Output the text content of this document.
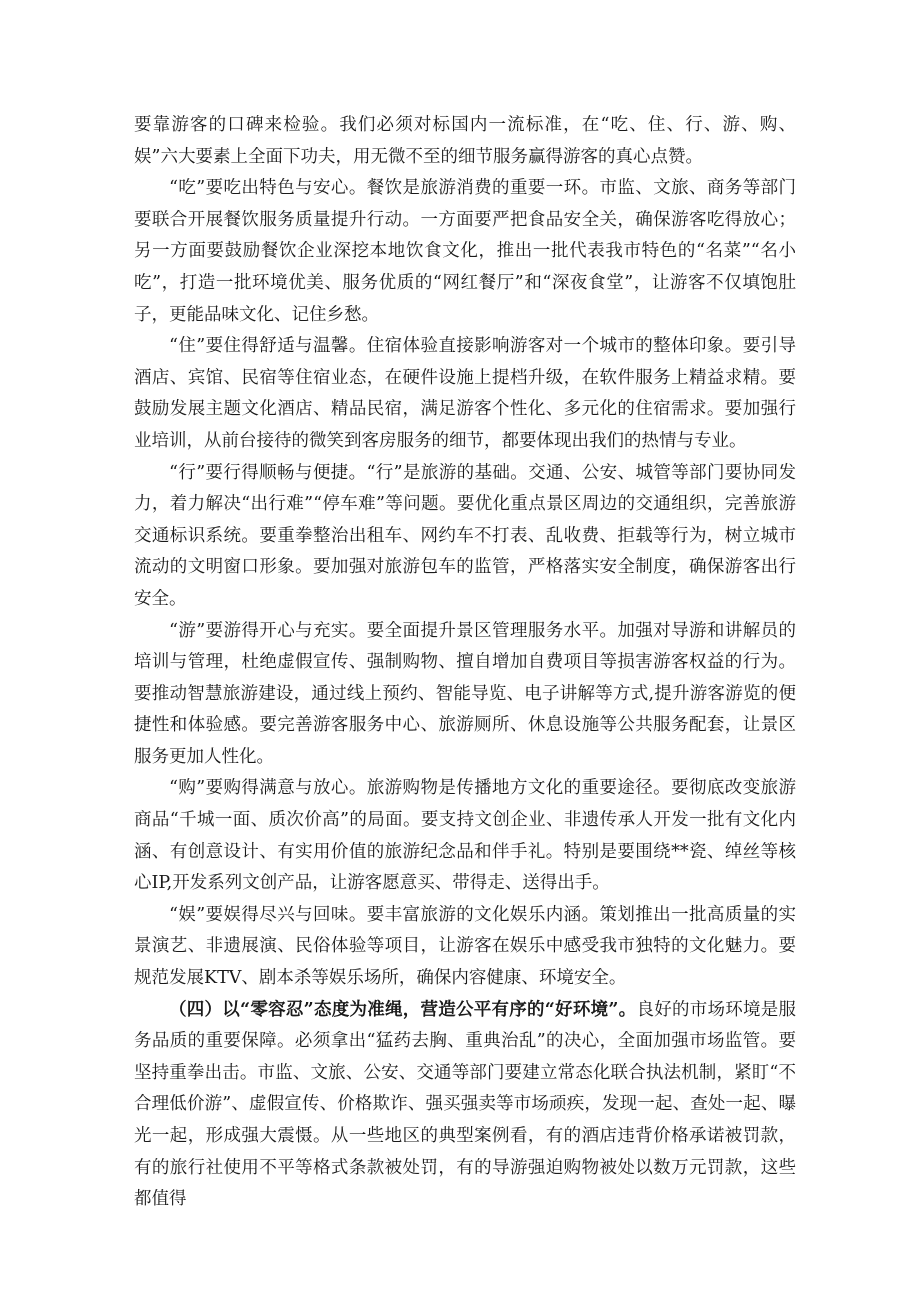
要靠游客的口碑来检验。我们必须对标国内一流标准，在“吃、住、行、游、购、娱”六大要素上全面下功夫，用无微不至的细节服务赢得游客的真心点赞。

“吃”要吃出特色与安心。餐饮是旅游消费的重要一环。市监、文旅、商务等部门要联合开展餐饮服务质量提升行动。一方面要严把食品安全关，确保游客吃得放心；另一方面要鼓励餐饮企业深挖本地饮食文化，推出一批代表我市特色的“名菜”“名小吃”，打造一批环境优美、服务优质的“网红餐厅”和“深夜食堂”，让游客不仅填饱肚子，更能品味文化、记住乡愁。

“住”要住得舒适与温馨。住宿体验直接影响游客对一个城市的整体印象。要引导酒店、宾馆、民宿等住宿业态，在硬件设施上提档升级，在软件服务上精益求精。要鼓励发展主题文化酒店、精品民宿，满足游客个性化、多元化的住宿需求。要加强行业培训，从前台接待的微笑到客房服务的细节，都要体现出我们的热情与专业。

“行”要行得顺畅与便捷。“行”是旅游的基础。交通、公安、城管等部门要协同发力，着力解决“出行难”“停车难”等问题。要优化重点景区周边的交通组织，完善旅游交通标识系统。要重拳整治出租车、网约车不打表、乱收费、拒载等行为，树立城市流动的文明窗口形象。要加强对旅游包车的监管，严格落实安全制度，确保游客出行安全。

“游”要游得开心与充实。要全面提升景区管理服务水平。加强对导游和讲解员的培训与管理，杜绝虚假宣传、强制购物、擅自增加自费项目等损害游客权益的行为。要推动智慧旅游建设，通过线上预约、智能导览、电子讲解等方式,提升游客游览的便捷性和体验感。要完善游客服务中心、旅游厕所、休息设施等公共服务配套，让景区服务更加人性化。

“购”要购得满意与放心。旅游购物是传播地方文化的重要途径。要彻底改变旅游商品“千城一面、质次价高”的局面。要支持文创企业、非遗传承人开发一批有文化内涵、有创意设计、有实用价值的旅游纪念品和伴手礼。特别是要围绕**瓷、绰丝等核心IP,开发系列文创产品，让游客愿意买、带得走、送得出手。

“娱”要娱得尽兴与回味。要丰富旅游的文化娱乐内涵。策划推出一批高质量的实景演艺、非遗展演、民俗体验等项目，让游客在娱乐中感受我市独特的文化魅力。要规范发展KTV、剧本杀等娱乐场所，确保内容健康、环境安全。

（四）以“零容忍”态度为准绳，营造公平有序的“好环境”。良好的市场环境是服务品质的重要保障。必须拿出“猛药去胸、重典治乱”的决心，全面加强市场监管。要坚持重拳出击。市监、文旅、公安、交通等部门要建立常态化联合执法机制，紧盯“不合理低价游”、虚假宣传、价格欺诈、强买强卖等市场顽疾，发现一起、查处一起、曝光一起，形成强大震慑。从一些地区的典型案例看，有的酒店违背价格承诺被罚款，有的旅行社使用不平等格式条款被处罚，有的导游强迫购物被处以数万元罚款，这些都值得
